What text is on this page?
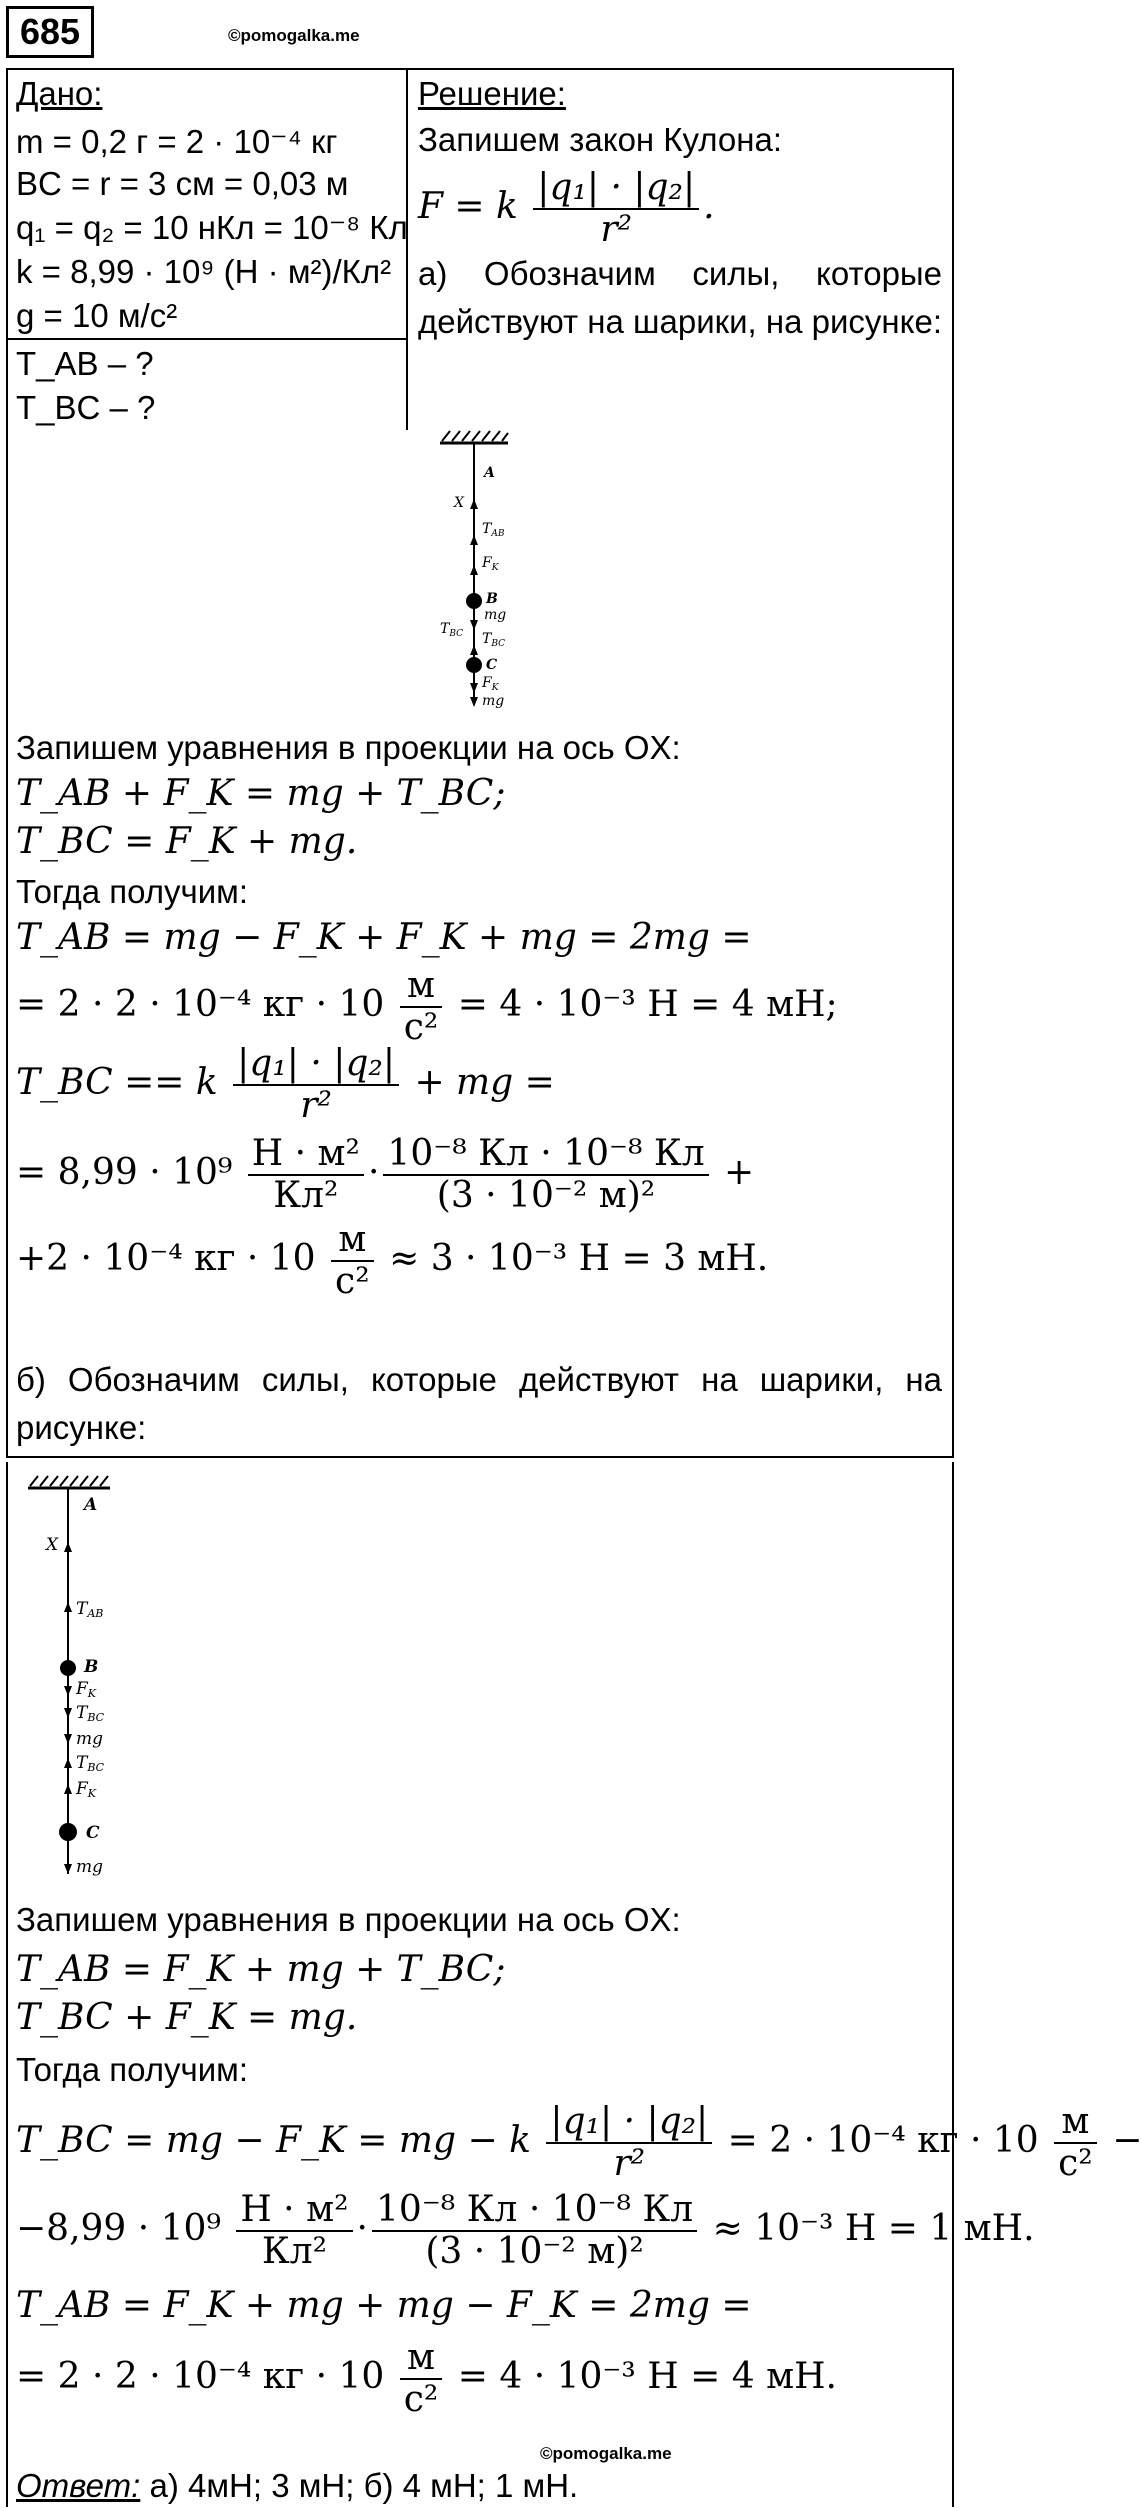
685	©pomogalka.me
Дано:
m = 0,2 г = 2 · 10⁻⁴ кг
BC = r = 3 см = 0,03 м
q₁ = q₂ = 10 нКл = 10⁻⁸ Кл
k = 8,99 · 10⁹ (Н · м²)/Кл²
g = 10 м/с²
T_AB – ?
T_BC – ?
Решение:
Запишем закон Кулона:
F = k $\frac{\text{|q₁| · |q₂|}}{\text{r²}}$ .
а) Обозначим силы, которые действуют на шарики, на рисунке:
A
X
$T_{AB}$
$F_K$
B
mg
$T_{BC}$ $T_{BC}$
C
$F_K$
mg
Запишем уравнения в проекции на ось OX:
T_AB + F_K = mg + T_BC;
T_BC = F_K + mg.
Тогда получим:
T_AB = mg − F_K + F_K + mg = 2mg =
= 2 · 2 · 10⁻⁴ кг · $10 \frac{м}{\text{с²}} = 4 \cdot 10^{-3}$ Н = 4 мН;
T_BC == k $\frac{\text{|q₁| · |q₂|}}{\text{r²}}$ + mg =
= $8,99 \cdot 10^9 \frac{\text{Н · м²}}{\text{Кл²}} \cdot \frac{\text{10⁻⁸ Кл · 10⁻⁸ Кл}}{\text{(3 · 10⁻² м)²}}$ +
+2 · 10⁻⁴ кг · $10 \frac{м}{\text{с²}} \approx 3 \cdot 10^{-3}$ Н = 3 мН.
б) Обозначим силы, которые действуют на шарики, на рисунке:
A
X
TAB
B
FK
TBC
mg
TBC
FK
C
mg
Запишем уравнения в проекции на ось OX:
T_AB = F_K + mg + T_BC;
T_BC + F_K = mg.
Тогда получим:
T_BC = mg − F_K = mg − k $\frac{\text{|q₁| · |q₂|}}{\text{r²}} = 2 \cdot 10^{-4}$ кг · $10 \frac{м}{\text{с²}}$ −
$-8,99 \cdot 10^9 \frac{\text{Н · м²}}{\text{Кл²}} \cdot \frac{\text{10⁻⁸ Кл · 10⁻⁸ Кл}}{\text{(3 · 10⁻² м)²}} \approx 10^{-3}$ Н = 1 мН.
T_AB = F_K + mg + mg − F_K = 2mg =
= 2 · 2 · 10⁻⁴ кг · $10 \frac{м}{\text{с²}} = 4 \cdot 10^{-3}$ Н = 4 мН.
©pomogalka.me
Ответ: а) 4мН; 3 мН; б) 4 мН; 1 мН.
